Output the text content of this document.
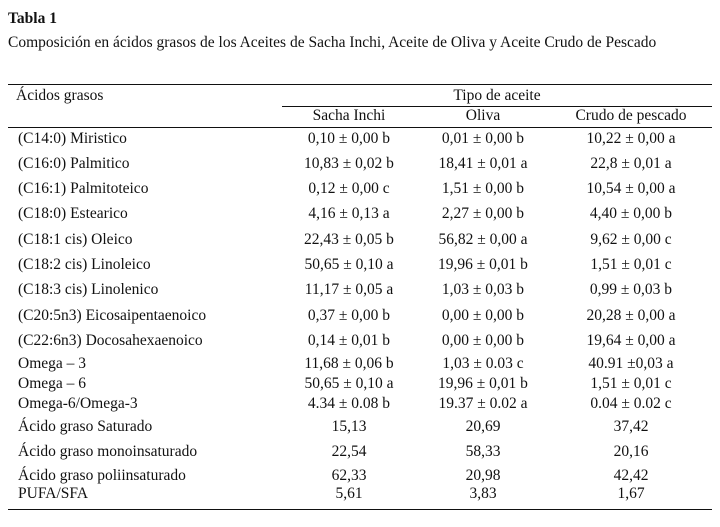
Tabla 1
Composición en ácidos grasos de los Aceites de Sacha Inchi, Aceite de Oliva y Aceite Crudo de Pescado
Ácidos grasos	Tipo de aceite
Sacha Inchi	Oliva	Crudo de pescado
(C14:0) Miristico	0,10 ± 0,00 b	0,01 ± 0,00 b	10,22 ± 0,00 a
(C16:0) Palmitico	10,83 ± 0,02 b	18,41 ± 0,01 a	22,8 ± 0,01 a
(C16:1) Palmitoteico	0,12 ± 0,00 c	1,51 ± 0,00 b	10,54 ± 0,00 a
(C18:0) Estearico	4,16 ± 0,13 a	2,27 ± 0,00 b	4,40 ± 0,00 b
(C18:1 cis) Oleico	22,43 ± 0,05 b	56,82 ± 0,00 a	9,62 ± 0,00 c
(C18:2 cis) Linoleico	50,65 ± 0,10 a	19,96 ± 0,01 b	1,51 ± 0,01 c
(C18:3 cis) Linolenico	11,17 ± 0,05 a	1,03 ± 0,03 b	0,99 ± 0,03 b
(C20:5n3) Eicosaipentaenoico	0,37 ± 0,00 b	0,00 ± 0,00 b	20,28 ± 0,00 a
(C22:6n3) Docosahexaenoico	0,14 ± 0,01 b	0,00 ± 0,00 b	19,64 ± 0,00 a
Omega – 3	11,68 ± 0,06 b	1,03 ± 0.03 c	40.91 ±0,03 a
Omega – 6	50,65 ± 0,10 a	19,96 ± 0,01 b	1,51 ± 0,01 c
Omega-6/Omega-3	4.34 ± 0.08 b	19.37 ± 0.02 a	0.04 ± 0.02 c
Ácido graso Saturado	15,13	20,69	37,42
Ácido graso monoinsaturado	22,54	58,33	20,16
Ácido graso poliinsaturado	62,33	20,98	42,42
PUFA/SFA	5,61	3,83	1,67
